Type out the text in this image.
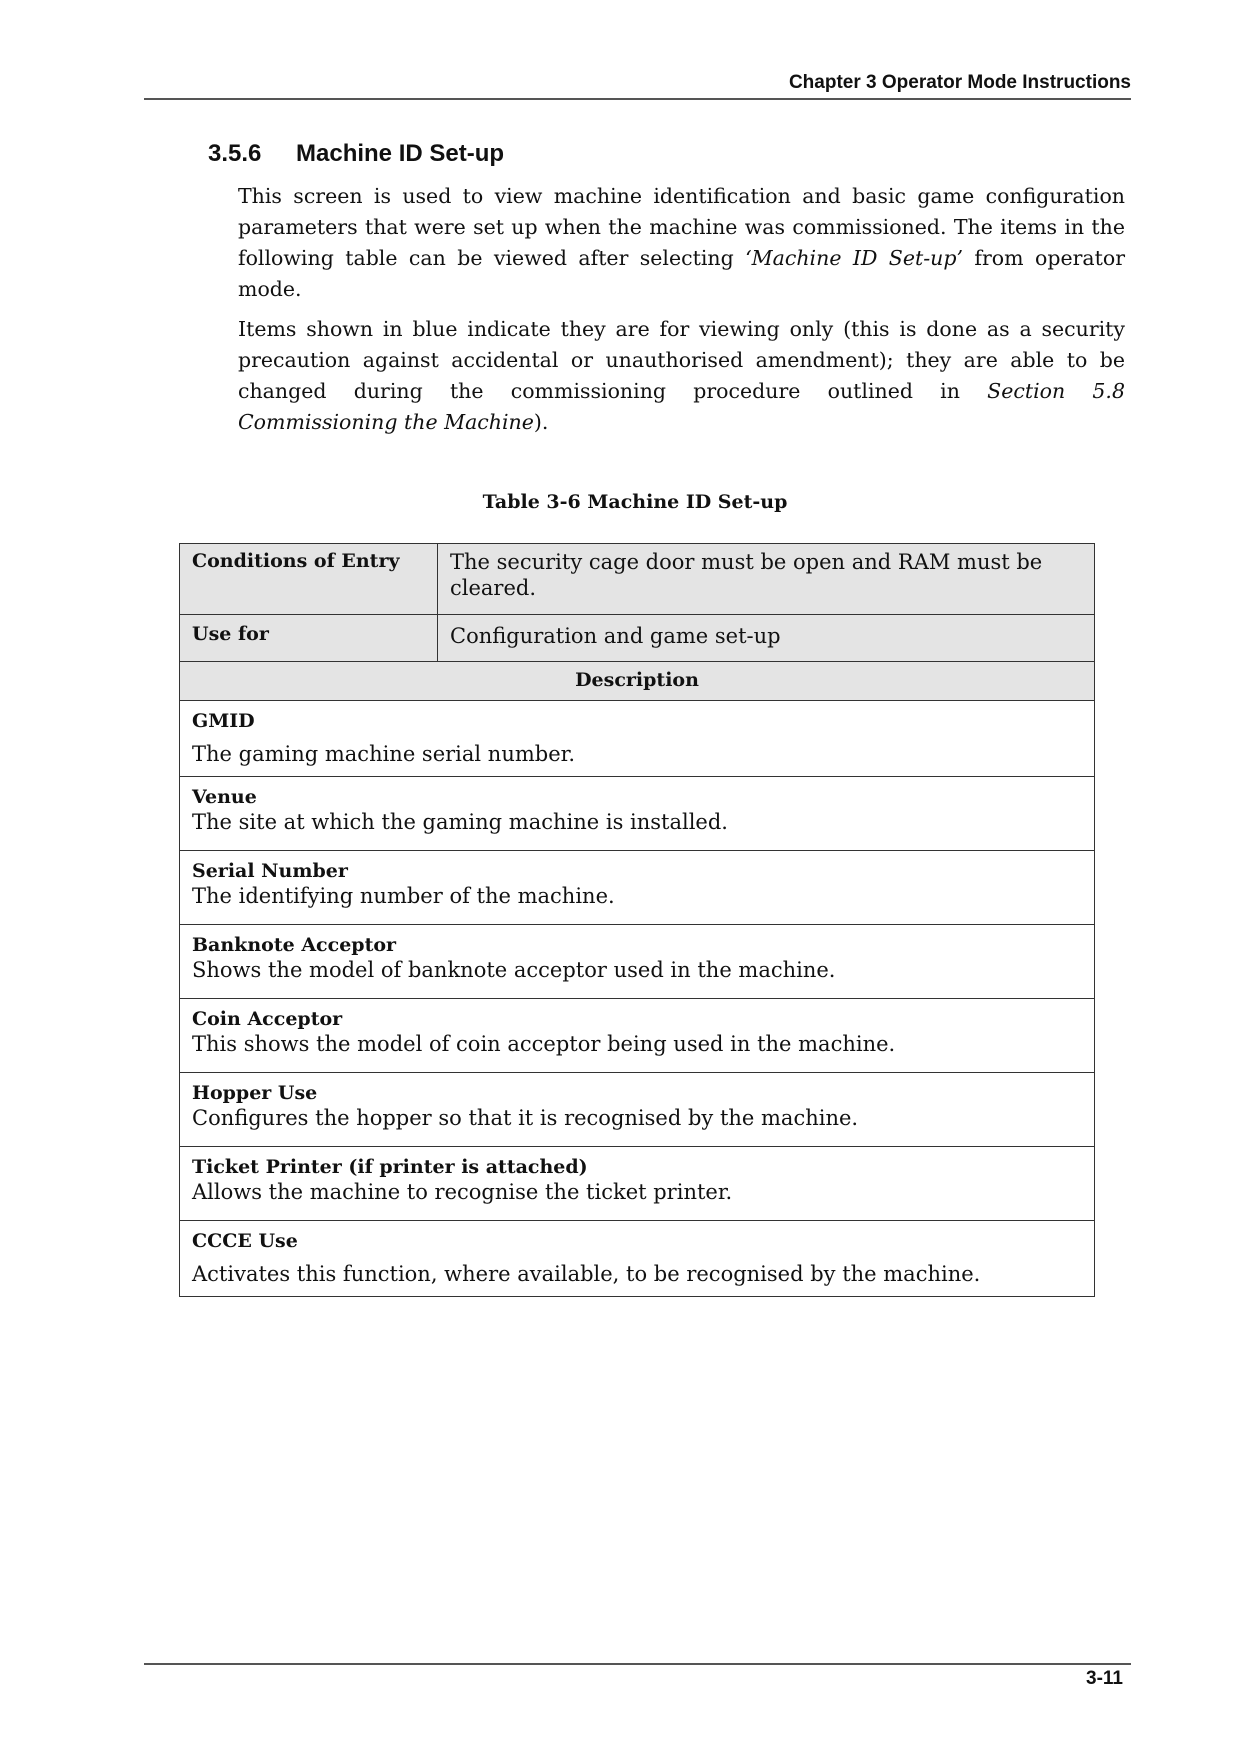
Chapter 3 Operator Mode Instructions
3.5.6 Machine ID Set-up

This screen is used to view machine identification and basic game configuration parameters that were set up when the machine was commissioned. The items in the following table can be viewed after selecting ‘Machine ID Set-up’ from operator mode.

Items shown in blue indicate they are for viewing only (this is done as a security precaution against accidental or unauthorised amendment); they are able to be changed during the commissioning procedure outlined in Section 5.8 Commissioning the Machine).

Table 3-6 Machine ID Set-up
Conditions of Entry	The security cage door must be open and RAM must be cleared.
Use for	Configuration and game set-up
Description	

GMID
The gaming machine serial number.	

Venue
The site at which the gaming machine is installed.	

Serial Number
The identifying number of the machine.	

Banknote Acceptor
Shows the model of banknote acceptor used in the machine.	

Coin Acceptor
This shows the model of coin acceptor being used in the machine.	

Hopper Use
Configures the hopper so that it is recognised by the machine.	

Ticket Printer (if printer is attached)
Allows the machine to recognise the ticket printer.	

CCCE Use
Activates this function, where available, to be recognised by the machine.	
3-11
